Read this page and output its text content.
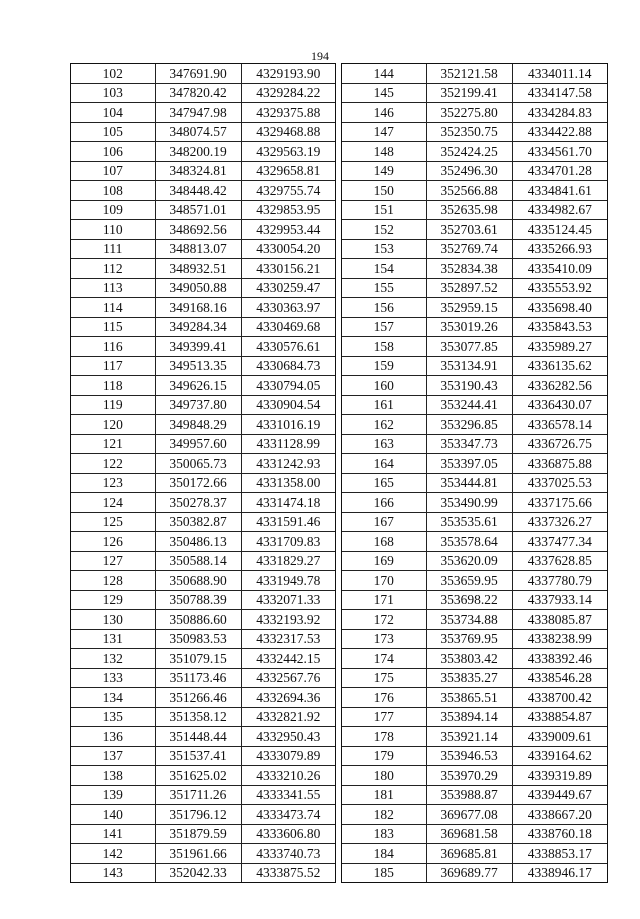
194
102	347691.90	4329193.90
103	347820.42	4329284.22
104	347947.98	4329375.88
105	348074.57	4329468.88
106	348200.19	4329563.19
107	348324.81	4329658.81
108	348448.42	4329755.74
109	348571.01	4329853.95
110	348692.56	4329953.44
111	348813.07	4330054.20
112	348932.51	4330156.21
113	349050.88	4330259.47
114	349168.16	4330363.97
115	349284.34	4330469.68
116	349399.41	4330576.61
117	349513.35	4330684.73
118	349626.15	4330794.05
119	349737.80	4330904.54
120	349848.29	4331016.19
121	349957.60	4331128.99
122	350065.73	4331242.93
123	350172.66	4331358.00
124	350278.37	4331474.18
125	350382.87	4331591.46
126	350486.13	4331709.83
127	350588.14	4331829.27
128	350688.90	4331949.78
129	350788.39	4332071.33
130	350886.60	4332193.92
131	350983.53	4332317.53
132	351079.15	4332442.15
133	351173.46	4332567.76
134	351266.46	4332694.36
135	351358.12	4332821.92
136	351448.44	4332950.43
137	351537.41	4333079.89
138	351625.02	4333210.26
139	351711.26	4333341.55
140	351796.12	4333473.74
141	351879.59	4333606.80
142	351961.66	4333740.73
143	352042.33	4333875.52
144	352121.58	4334011.14
145	352199.41	4334147.58
146	352275.80	4334284.83
147	352350.75	4334422.88
148	352424.25	4334561.70
149	352496.30	4334701.28
150	352566.88	4334841.61
151	352635.98	4334982.67
152	352703.61	4335124.45
153	352769.74	4335266.93
154	352834.38	4335410.09
155	352897.52	4335553.92
156	352959.15	4335698.40
157	353019.26	4335843.53
158	353077.85	4335989.27
159	353134.91	4336135.62
160	353190.43	4336282.56
161	353244.41	4336430.07
162	353296.85	4336578.14
163	353347.73	4336726.75
164	353397.05	4336875.88
165	353444.81	4337025.53
166	353490.99	4337175.66
167	353535.61	4337326.27
168	353578.64	4337477.34
169	353620.09	4337628.85
170	353659.95	4337780.79
171	353698.22	4337933.14
172	353734.88	4338085.87
173	353769.95	4338238.99
174	353803.42	4338392.46
175	353835.27	4338546.28
176	353865.51	4338700.42
177	353894.14	4338854.87
178	353921.14	4339009.61
179	353946.53	4339164.62
180	353970.29	4339319.89
181	353988.87	4339449.67
182	369677.08	4338667.20
183	369681.58	4338760.18
184	369685.81	4338853.17
185	369689.77	4338946.17
